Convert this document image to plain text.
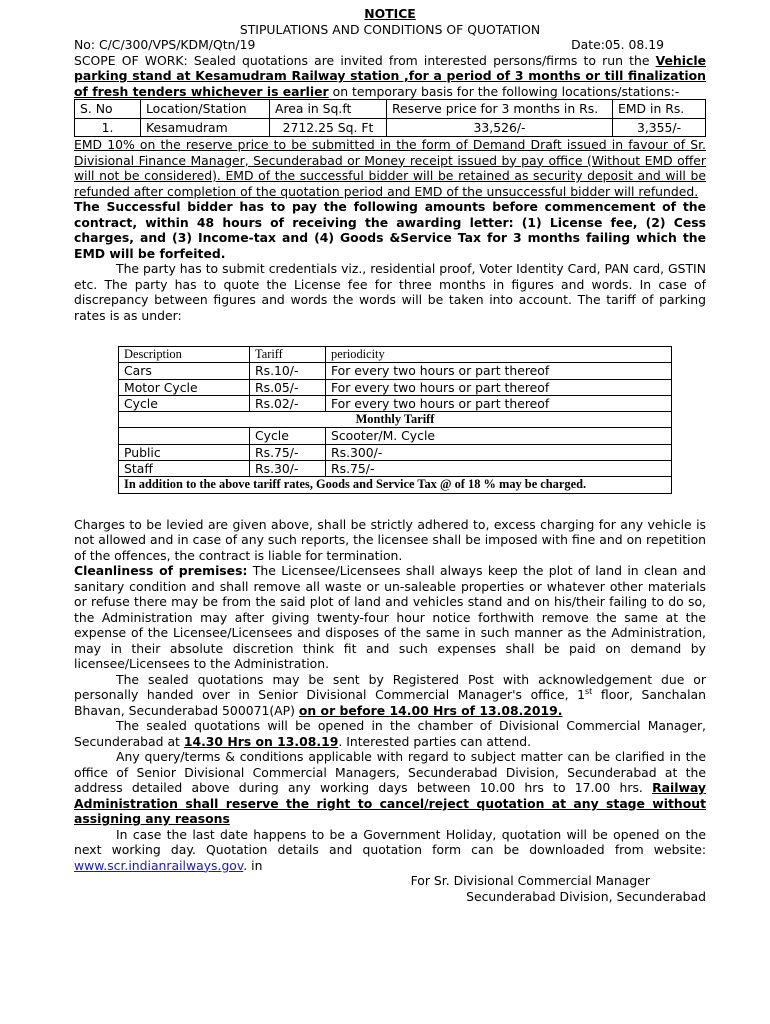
NOTICE
STIPULATIONS AND CONDITIONS OF QUOTATION
No: C/C/300/VPS/KDM/Qtn/19	Date:05. 08.19
SCOPE OF WORK: Sealed quotations are invited from interested persons/firms to run the Vehicle parking stand at Kesamudram Railway station ,for a period of 3 months or till finalization of fresh tenders whichever is earlier on temporary basis for the following locations/stations:-
S. No	Location/Station	Area in Sq.ft	Reserve price for 3 months in Rs.	EMD in Rs.
1.	Kesamudram	2712.25 Sq. Ft	33,526/-	3,355/-
EMD 10% on the reserve price to be submitted in the form of Demand Draft issued in favour of Sr. Divisional Finance Manager, Secunderabad or Money receipt issued by pay office (Without EMD offer will not be considered). EMD of the successful bidder will be retained as security deposit and will be refunded after completion of the quotation period and EMD of the unsuccessful bidder will refunded.
The Successful bidder has to pay the following amounts before commencement of the contract, within 48 hours of receiving the awarding letter: (1) License fee, (2) Cess charges, and (3) Income-tax and (4) Goods &Service Tax for 3 months failing which the EMD will be forfeited.
The party has to submit credentials viz., residential proof, Voter Identity Card, PAN card, GSTIN etc. The party has to quote the License fee for three months in figures and words. In case of discrepancy between figures and words the words will be taken into account. The tariff of parking rates is as under:
Description	Tariff	periodicity
Cars	Rs.10/-	For every two hours or part thereof
Motor Cycle	Rs.05/-	For every two hours or part thereof
Cycle	Rs.02/-	For every two hours or part thereof
Monthly Tariff		
	Cycle	Scooter/M. Cycle
Public	Rs.75/-	Rs.300/-
Staff	Rs.30/-	Rs.75/-
In addition to the above tariff rates, Goods and Service Tax @ of 18 % may be charged.		
Charges to be levied are given above, shall be strictly adhered to, excess charging for any vehicle is not allowed and in case of any such reports, the licensee shall be imposed with fine and on repetition of the offences, the contract is liable for termination.
Cleanliness of premises: The Licensee/Licensees shall always keep the plot of land in clean and sanitary condition and shall remove all waste or un-saleable properties or whatever other materials or refuse there may be from the said plot of land and vehicles stand and on his/their failing to do so, the Administration may after giving twenty-four hour notice forthwith remove the same at the expense of the Licensee/Licensees and disposes of the same in such manner as the Administration, may in their absolute discretion think fit and such expenses shall be paid on demand by licensee/Licensees to the Administration.
The sealed quotations may be sent by Registered Post with acknowledgement due or personally handed over in Senior Divisional Commercial Manager's office, 1st floor, Sanchalan Bhavan, Secunderabad 500071(AP) on or before 14.00 Hrs of 13.08.2019.
The sealed quotations will be opened in the chamber of Divisional Commercial Manager, Secunderabad at 14.30 Hrs on 13.08.19. Interested parties can attend.
Any query/terms & conditions applicable with regard to subject matter can be clarified in the office of Senior Divisional Commercial Managers, Secunderabad Division, Secunderabad at the address detailed above during any working days between 10.00 hrs to 17.00 hrs. Railway Administration shall reserve the right to cancel/reject quotation at any stage without assigning any reasons
In case the last date happens to be a Government Holiday, quotation will be opened on the next working day. Quotation details and quotation form can be downloaded from website: www.scr.indianrailways.gov. in
For Sr. Divisional Commercial Manager
Secunderabad Division, Secunderabad
